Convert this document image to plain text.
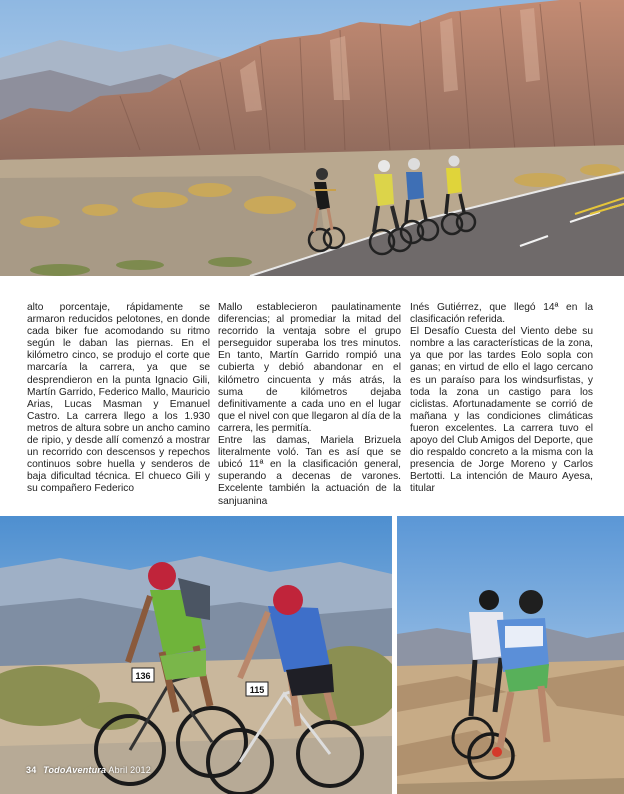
alto porcentaje, rápidamente se armaron reducidos pelotones, en donde cada biker fue acomodando su ritmo según le daban las piernas. En el kilómetro cinco, se produjo el corte que marcaría la carrera, ya que se desprendieron en la punta Ignacio Gili, Martín Garrido, Federico Mallo, Mauricio Arias, Lucas Masman y Emanuel Castro. La carrera llego a los 1.930 metros de altura sobre un ancho camino de ripio, y desde allí comenzó a mostrar un recorrido con descensos y repechos continuos sobre huella y senderos de baja dificultad técnica. El chueco Gili y su compañero Federico

Mallo establecieron paulatinamente diferencias; al promediar la mitad del recorrido la ventaja sobre el grupo perseguidor superaba los tres minutos. En tanto, Martín Garrido rompió una cubierta y debió abandonar en el kilómetro cincuenta y más atrás, la suma de kilómetros dejaba definitivamente a cada uno en el lugar que el nivel con que llegaron al día de la carrera, les permitía.

Entre las damas, Mariela Brizuela literalmente voló. Tan es así que se ubicó 11ª en la clasificación general, superando a decenas de varones. Excelente también la actuación de la sanjuanina

Inés Gutiérrez, que llegó 14ª en la clasificación referida.

El Desafío Cuesta del Viento debe su nombre a las características de la zona, ya que por las tardes Eolo sopla con ganas; en virtud de ello el lago cercano es un paraíso para los windsurfistas, y toda la zona un castigo para los ciclistas. Afortunadamente se corrió de mañana y las condiciones climáticas fueron excelentes. La carrera tuvo el apoyo del Club Amigos del Deporte, que dio respaldo concreto a la misma con la presencia de Jorge Moreno y Carlos Bertotti. La intención de Mauro Ayesa, titular

136
115
34 TodoAventura Abril 2012
